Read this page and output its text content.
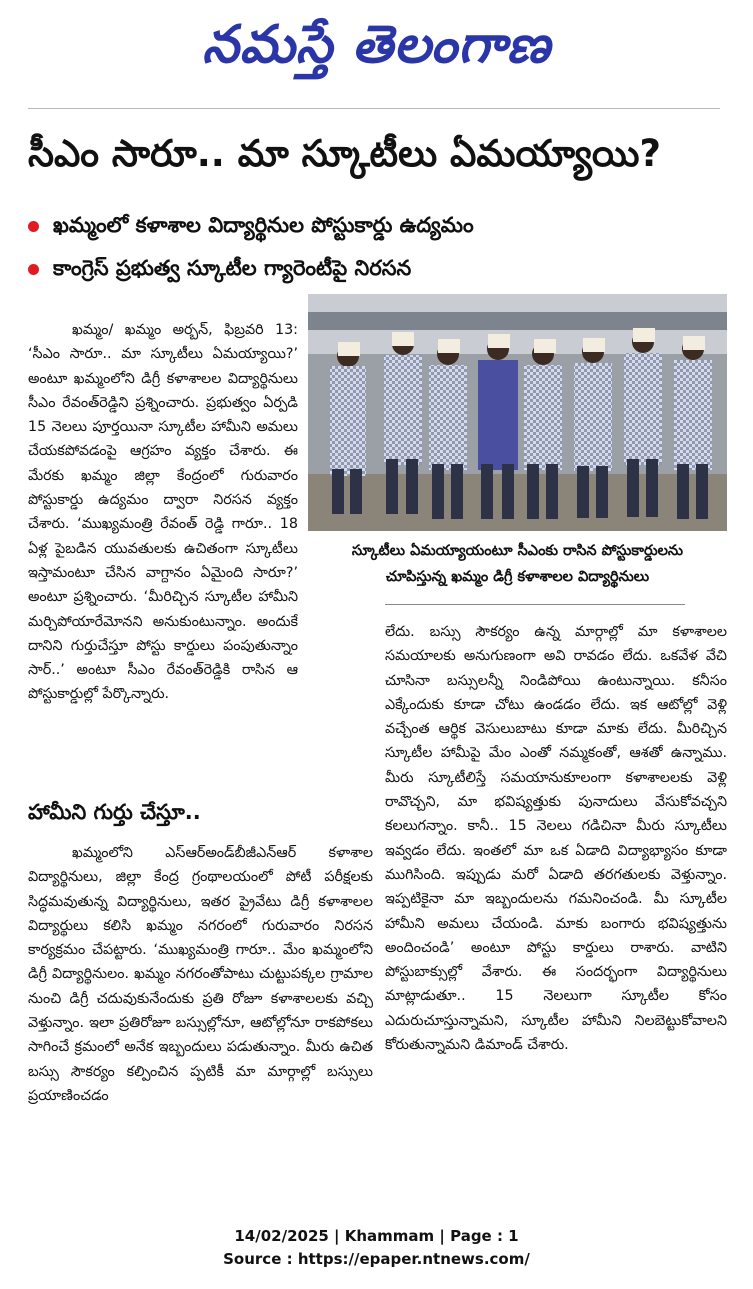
నమస్తే తెలంగాణ
సీఎం సారూ.. మా స్కూటీలు ఏమయ్యాయి?
ఖమ్మంలో కళాశాల విద్యార్థినుల పోస్టుకార్డు ఉద్యమం
కాంగ్రెస్ ప్రభుత్వ స్కూటీల గ్యారెంటీపై నిరసన
స్కూటీలు ఏమయ్యాయంటూ సీఎంకు రాసిన పోస్టుకార్డులను
చూపిస్తున్న ఖమ్మం డిగ్రీ కళాశాలల విద్యార్థినులు

ఖమ్మం/ ఖమ్మం అర్బన్, ఫిబ్రవరి 13: ‘సీఎం సారూ.. మా స్కూటీలు ఏమయ్యాయి?’ అంటూ ఖమ్మంలోని డిగ్రీ కళాశాలల విద్యార్థినులు సీఎం రేవంత్‌రెడ్డిని ప్రశ్నించారు. ప్రభుత్వం ఏర్పడి 15 నెలలు పూర్తయినా స్కూటీల హామీని అమలు చేయకపోవడంపై ఆగ్రహం వ్యక్తం చేశారు. ఈ మేరకు ఖమ్మం జిల్లా కేంద్రంలో గురువారం పోస్టుకార్డు ఉద్యమం ద్వారా నిరసన వ్యక్తం చేశారు. ‘ముఖ్యమంత్రి రేవంత్ రెడ్డి గారూ.. 18 ఏళ్ల పైబడిన యువతులకు ఉచితంగా స్కూటీలు ఇస్తామంటూ చేసిన వాగ్దానం ఏమైంది సారూ?’ అంటూ ప్రశ్నించారు. ‘మీరిచ్చిన స్కూటీల హామీని మర్చిపోయారేమోనని అనుకుంటున్నాం. అందుకే దానిని గుర్తుచేస్తూ పోస్టు కార్డులు పంపుతున్నాం సార్..’ అంటూ సీఎం రేవంత్‌రెడ్డికి రాసిన ఆ పోస్టుకార్డుల్లో పేర్కొన్నారు.

హామీని గుర్తు చేస్తూ..

ఖమ్మంలోని ఎస్‌ఆర్‌అండ్‌బీజీఎన్‌ఆర్ కళాశాల విద్యార్థినులు, జిల్లా కేంద్ర గ్రంథాలయంలో పోటీ పరీక్షలకు సిద్ధమవుతున్న విద్యార్థినులు, ఇతర ప్రైవేటు డిగ్రీ కళాశాలల విద్యార్థులు కలిసి ఖమ్మం నగరంలో గురువారం నిరసన కార్యక్రమం చేపట్టారు. ‘ముఖ్యమంత్రి గారూ.. మేం ఖమ్మంలోని డిగ్రీ విద్యార్థినులం. ఖమ్మం నగరంతోపాటు చుట్టుపక్కల గ్రామాల నుంచి డిగ్రీ చదువుకునేందుకు ప్రతి రోజూ కళాశాలలకు వచ్చి వెళ్తున్నాం. ఇలా ప్రతిరోజూ బస్సుల్లోనూ, ఆటోల్లోనూ రాకపోకలు సాగించే క్రమంలో అనేక ఇబ్బందులు పడుతున్నాం. మీరు ఉచిత బస్సు సౌకర్యం కల్పించిన ప్పటికీ మా మార్గాల్లో బస్సులు ప్రయాణించడం

లేదు. బస్సు సౌకర్యం ఉన్న మార్గాల్లో మా కళాశాలల సమయాలకు అనుగుణంగా అవి రావడం లేదు. ఒకవేళ వేచి చూసినా బస్సులన్నీ నిండిపోయి ఉంటున్నాయి. కనీసం ఎక్కేందుకు కూడా చోటు ఉండడం లేదు. ఇక ఆటోల్లో వెళ్లి వచ్చేంత ఆర్థిక వెసులుబాటు కూడా మాకు లేదు. మీరిచ్చిన స్కూటీల హామీపై మేం ఎంతో నమ్మకంతో, ఆశతో ఉన్నాము. మీరు స్కూటీలిస్తే సమయానుకూలంగా కళాశాలలకు వెళ్లి రావొచ్చని, మా భవిష్యత్తుకు పునాదులు వేసుకోవచ్చని కలలుగన్నాం. కానీ.. 15 నెలలు గడిచినా మీరు స్కూటీలు ఇవ్వడం లేదు. ఇంతలో మా ఒక ఏడాది విద్యాభ్యాసం కూడా ముగిసింది. ఇప్పుడు మరో ఏడాది తరగతులకు వెళ్తున్నాం. ఇప్పటికైనా మా ఇబ్బందులను గమనించండి. మీ స్కూటీల హామీని అమలు చేయండి. మాకు బంగారు భవిష్యత్తును అందించండి’ అంటూ పోస్టు కార్డులు రాశారు. వాటిని పోస్టుబాక్సుల్లో వేశారు. ఈ సందర్భంగా విద్యార్థినులు మాట్లాడుతూ.. 15 నెలలుగా స్కూటీల కోసం ఎదురుచూస్తున్నామని, స్కూటీల హామీని నిలబెట్టుకోవాలని కోరుతున్నామని డిమాండ్ చేశారు.

14/02/2025 | Khammam | Page : 1
Source : https://epaper.ntnews.com/
